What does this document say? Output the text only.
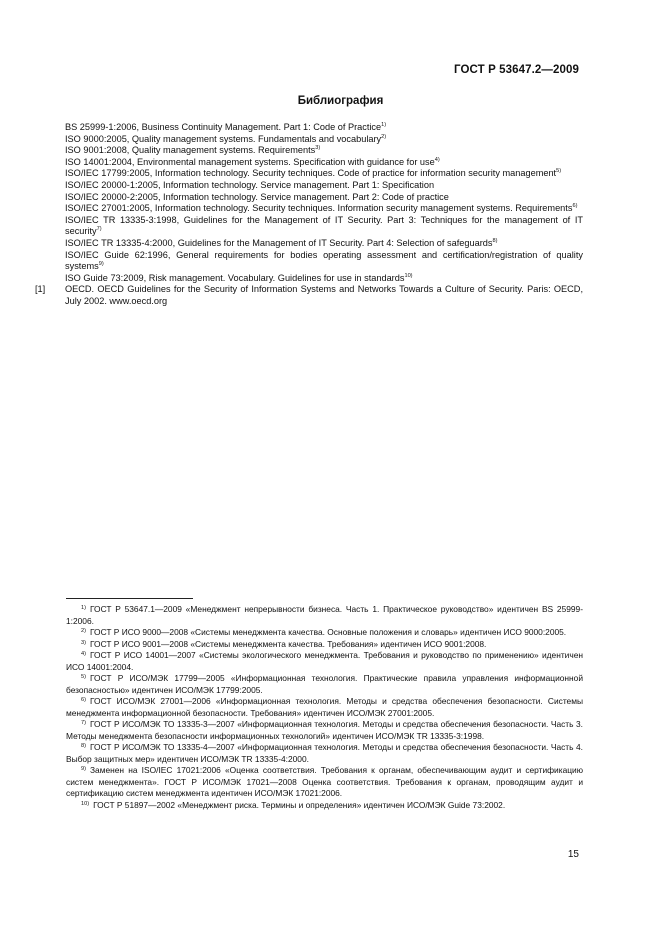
ГОСТ Р 53647.2—2009
Библиография
BS 25999-1:2006, Business Continuity Management. Part 1: Code of Practice$^{1)}$
ISO 9000:2005, Quality management systems. Fundamentals and vocabulary$^{2)}$
ISO 9001:2008, Quality management systems. Requirements$^{3)}$
ISO 14001:2004, Environmental management systems. Specification with guidance for use$^{4)}$
ISO/IEC 17799:2005, Information technology. Security techniques. Code of practice for information security management$^{5)}$
ISO/IEC 20000-1:2005, Information technology. Service management. Part 1: Specification
ISO/IEC 20000-2:2005, Information technology. Service management. Part 2: Code of practice
ISO/IEC 27001:2005, Information technology. Security techniques. Information security management systems. Requirements$^{6)}$
ISO/IEC TR 13335-3:1998, Guidelines for the Management of IT Security. Part 3: Techniques for the management of IT security$^{7)}$
ISO/IEC TR 13335-4:2000, Guidelines for the Management of IT Security. Part 4: Selection of safeguards$^{8)}$
ISO/IEC Guide 62:1996, General requirements for bodies operating assessment and certification/registration of quality systems$^{9)}$
ISO Guide 73:2009, Risk management. Vocabulary. Guidelines for use in standards$^{10)}$
[1] OECD. OECD Guidelines for the Security of Information Systems and Networks Towards a Culture of Security. Paris: OECD, July 2002. www.oecd.org
$^{1)}$ ГОСТ Р 53647.1—2009 «Менеджмент непрерывности бизнеса. Часть 1. Практическое руководство» идентичен BS 25999-1:2006.
$^{2)}$ ГОСТ Р ИСО 9000—2008 «Системы менеджмента качества. Основные положения и словарь» идентичен ИСО 9000:2005.
$^{3)}$ ГОСТ Р ИСО 9001—2008 «Системы менеджмента качества. Требования» идентичен ИСО 9001:2008.
$^{4)}$ ГОСТ Р ИСО 14001—2007 «Системы экологического менеджмента. Требования и руководство по применению» идентичен ИСО 14001:2004.
$^{5)}$ ГОСТ Р ИСО/МЭК 17799—2005 «Информационная технология. Практические правила управления информационной безопасностью» идентичен ИСО/МЭК 17799:2005.
$^{6)}$ ГОСТ ИСО/МЭК 27001—2006 «Информационная технология. Методы и средства обеспечения безопасности. Системы менеджмента информационной безопасности. Требования» идентичен ИСО/МЭК 27001:2005.
$^{7)}$ ГОСТ Р ИСО/МЭК ТО 13335-3—2007 «Информационная технология. Методы и средства обеспечения безопасности. Часть 3. Методы менеджмента безопасности информационных технологий» идентичен ИСО/МЭК TR 13335-3:1998.
$^{8)}$ ГОСТ Р ИСО/МЭК ТО 13335-4—2007 «Информационная технология. Методы и средства обеспечения безопасности. Часть 4. Выбор защитных мер» идентичен ИСО/МЭК TR 13335-4:2000.
$^{9)}$ Заменен на ISO/IEC 17021:2006 «Оценка соответствия. Требования к органам, обеспечивающим аудит и сертификацию систем менеджмента». ГОСТ Р ИСО/МЭК 17021—2008 Оценка соответствия. Требования к органам, проводящим аудит и сертификацию систем менеджмента идентичен ИСО/МЭК 17021:2006.
$^{10)}$ ГОСТ Р 51897—2002 «Менеджмент риска. Термины и определения» идентичен ИСО/МЭК Guide 73:2002.
15
